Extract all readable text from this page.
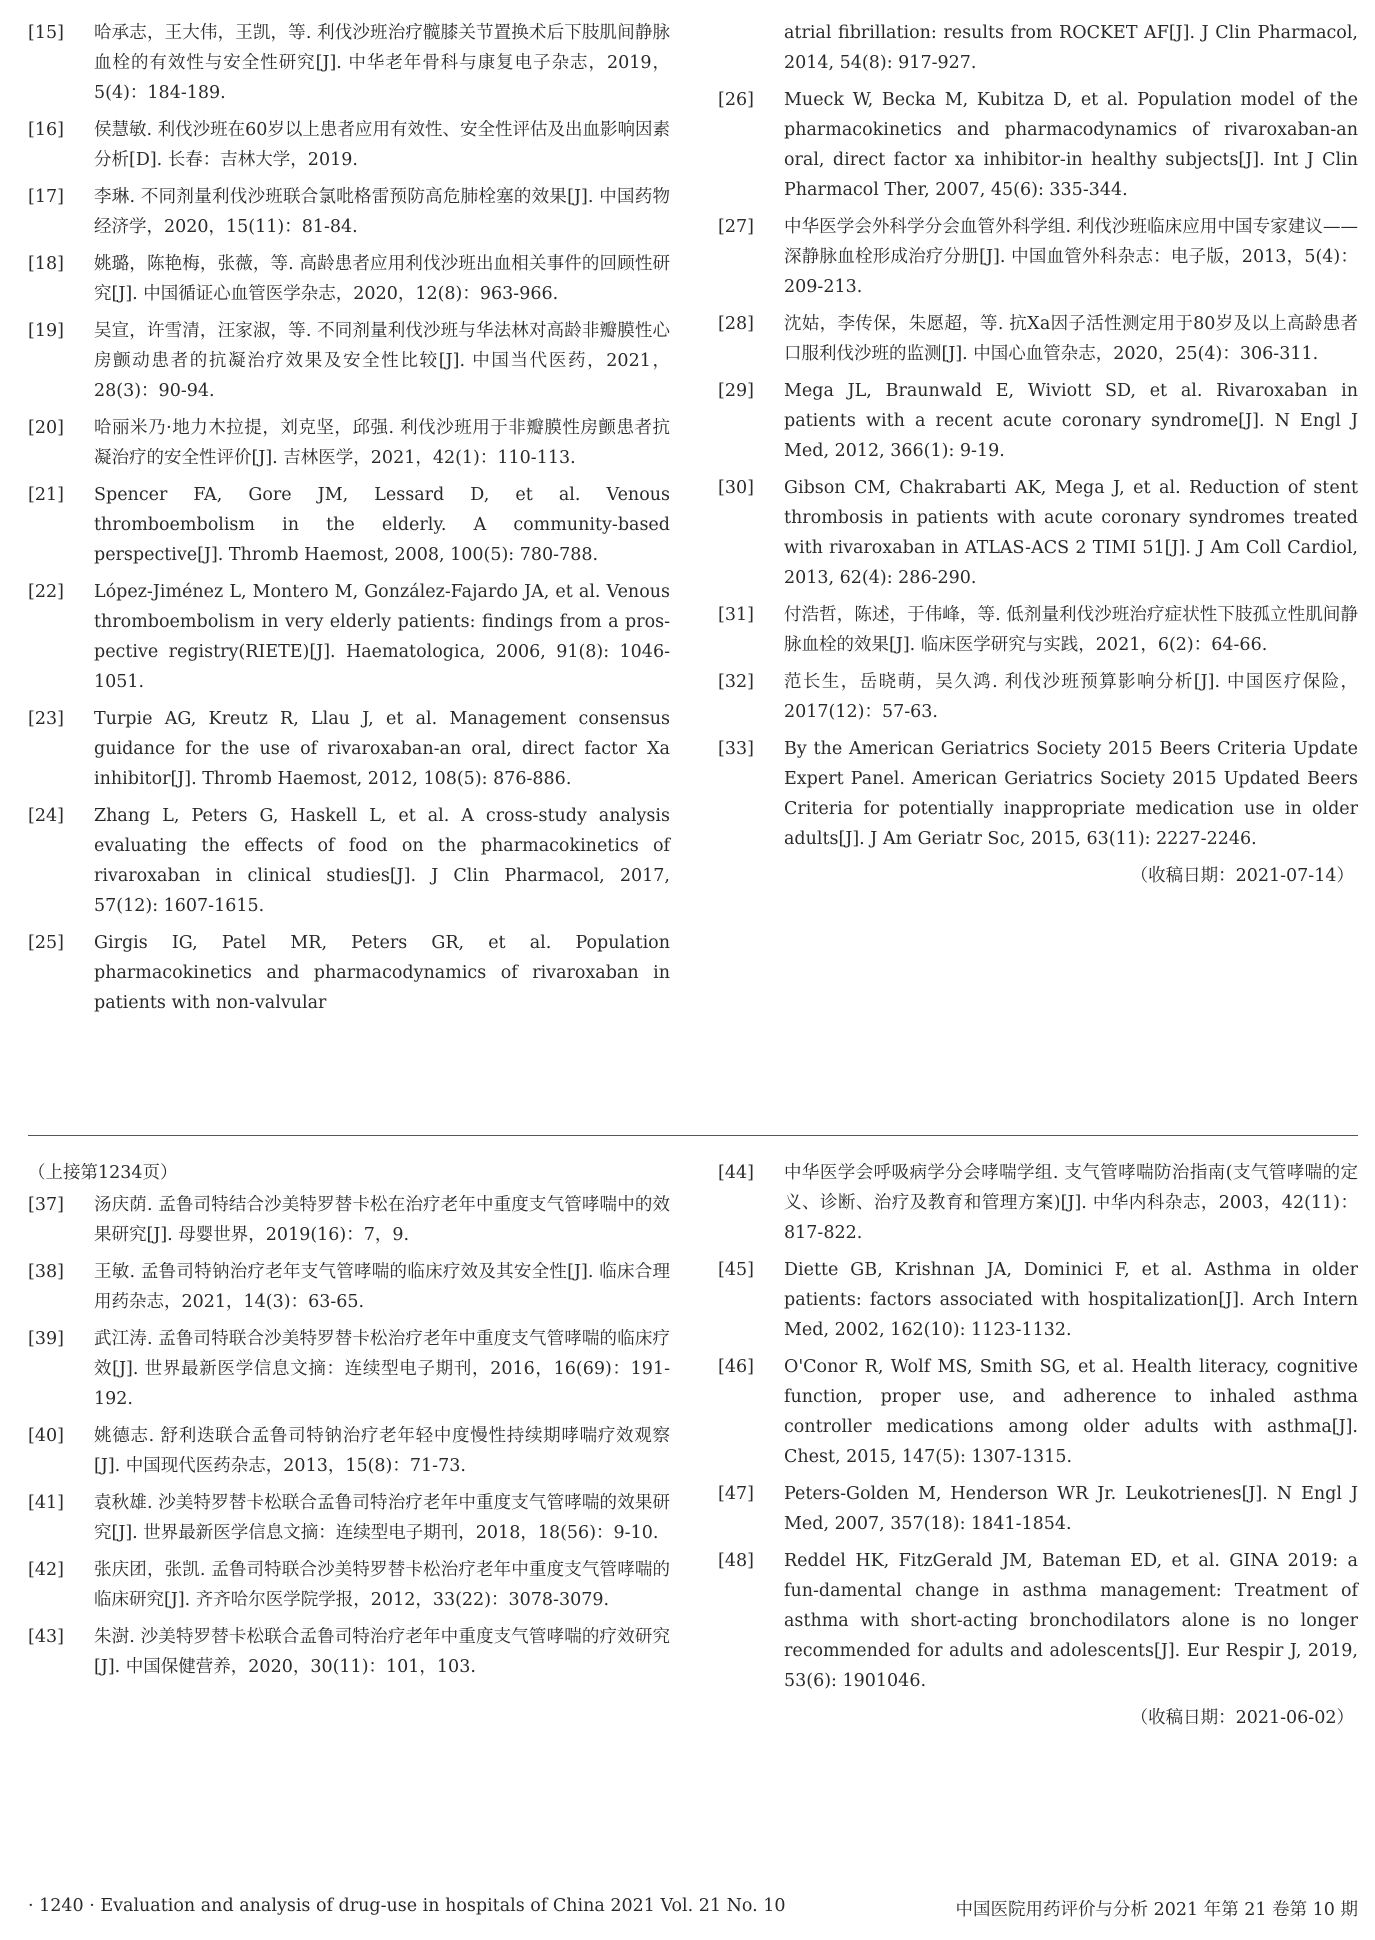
[15]	哈承志，王大伟，王凯，等. 利伐沙班治疗髋膝关节置换术后下肢肌间静脉血栓的有效性与安全性研究[J]. 中华老年骨科与康复电子杂志，2019，5(4)：184-189.
[16]	侯慧敏. 利伐沙班在60岁以上患者应用有效性、安全性评估及出血影响因素分析[D]. 长春：吉林大学，2019.
[17]	李琳. 不同剂量利伐沙班联合氯吡格雷预防高危肺栓塞的效果[J]. 中国药物经济学，2020，15(11)：81-84.
[18]	姚璐，陈艳梅，张薇，等. 高龄患者应用利伐沙班出血相关事件的回顾性研究[J]. 中国循证心血管医学杂志，2020，12(8)：963-966.
[19]	吴宣，许雪清，汪家淑，等. 不同剂量利伐沙班与华法林对高龄非瓣膜性心房颤动患者的抗凝治疗效果及安全性比较[J]. 中国当代医药，2021，28(3)：90-94.
[20]	哈丽米乃·地力木拉提，刘克坚，邱强. 利伐沙班用于非瓣膜性房颤患者抗凝治疗的安全性评价[J]. 吉林医学，2021，42(1)：110-113.
[21]	Spencer FA, Gore JM, Lessard D, et al. Venous thromboembolism in the elderly. A community-based perspective[J]. Thromb Haemost, 2008, 100(5): 780-788.
[22]	López-Jiménez L, Montero M, González-Fajardo JA, et al. Venous thromboembolism in very elderly patients: findings from a pros-pective registry(RIETE)[J]. Haematologica, 2006, 91(8): 1046-1051.
[23]	Turpie AG, Kreutz R, Llau J, et al. Management consensus guidance for the use of rivaroxaban-an oral, direct factor Xa inhibitor[J]. Thromb Haemost, 2012, 108(5): 876-886.
[24]	Zhang L, Peters G, Haskell L, et al. A cross-study analysis evaluating the effects of food on the pharmacokinetics of rivaroxaban in clinical studies[J]. J Clin Pharmacol, 2017, 57(12): 1607-1615.
[25]	Girgis IG, Patel MR, Peters GR, et al. Population pharmacokinetics and pharmacodynamics of rivaroxaban in patients with non-valvular
atrial fibrillation: results from ROCKET AF[J]. J Clin Pharmacol, 2014, 54(8): 917-927.
[26]	Mueck W, Becka M, Kubitza D, et al. Population model of the pharmacokinetics and pharmacodynamics of rivaroxaban-an oral, direct factor xa inhibitor-in healthy subjects[J]. Int J Clin Pharmacol Ther, 2007, 45(6): 335-344.
[27]	中华医学会外科学分会血管外科学组. 利伐沙班临床应用中国专家建议——深静脉血栓形成治疗分册[J]. 中国血管外科杂志：电子版，2013，5(4)：209-213.
[28]	沈姑，李传保，朱愿超，等. 抗Ⅹa因子活性测定用于80岁及以上高龄患者口服利伐沙班的监测[J]. 中国心血管杂志，2020，25(4)：306-311.
[29]	Mega JL, Braunwald E, Wiviott SD, et al. Rivaroxaban in patients with a recent acute coronary syndrome[J]. N Engl J Med, 2012, 366(1): 9-19.
[30]	Gibson CM, Chakrabarti AK, Mega J, et al. Reduction of stent thrombosis in patients with acute coronary syndromes treated with rivaroxaban in ATLAS-ACS 2 TIMI 51[J]. J Am Coll Cardiol, 2013, 62(4): 286-290.
[31]	付浩哲，陈述，于伟峰，等. 低剂量利伐沙班治疗症状性下肢孤立性肌间静脉血栓的效果[J]. 临床医学研究与实践，2021，6(2)：64-66.
[32]	范长生，岳晓萌，吴久鸿. 利伐沙班预算影响分析[J]. 中国医疗保险，2017(12)：57-63.
[33]	By the American Geriatrics Society 2015 Beers Criteria Update Expert Panel. American Geriatrics Society 2015 Updated Beers Criteria for potentially inappropriate medication use in older adults[J]. J Am Geriatr Soc, 2015, 63(11): 2227-2246.
（收稿日期：2021-07-14）
（上接第1234页）
[37]	汤庆荫. 孟鲁司特结合沙美特罗替卡松在治疗老年中重度支气管哮喘中的效果研究[J]. 母婴世界，2019(16)：7，9.
[38]	王敏. 孟鲁司特钠治疗老年支气管哮喘的临床疗效及其安全性[J]. 临床合理用药杂志，2021，14(3)：63-65.
[39]	武江涛. 孟鲁司特联合沙美特罗替卡松治疗老年中重度支气管哮喘的临床疗效[J]. 世界最新医学信息文摘：连续型电子期刊，2016，16(69)：191-192.
[40]	姚德志. 舒利迭联合孟鲁司特钠治疗老年轻中度慢性持续期哮喘疗效观察[J]. 中国现代医药杂志，2013，15(8)：71-73.
[41]	袁秋雄. 沙美特罗替卡松联合孟鲁司特治疗老年中重度支气管哮喘的效果研究[J]. 世界最新医学信息文摘：连续型电子期刊，2018，18(56)：9-10.
[42]	张庆团，张凯. 孟鲁司特联合沙美特罗替卡松治疗老年中重度支气管哮喘的临床研究[J]. 齐齐哈尔医学院学报，2012，33(22)：3078-3079.
[43]	朱澍. 沙美特罗替卡松联合孟鲁司特治疗老年中重度支气管哮喘的疗效研究[J]. 中国保健营养，2020，30(11)：101，103.
[44]	中华医学会呼吸病学分会哮喘学组. 支气管哮喘防治指南(支气管哮喘的定义、诊断、治疗及教育和管理方案)[J]. 中华内科杂志，2003，42(11)：817-822.
[45]	Diette GB, Krishnan JA, Dominici F, et al. Asthma in older patients: factors associated with hospitalization[J]. Arch Intern Med, 2002, 162(10): 1123-1132.
[46]	O'Conor R, Wolf MS, Smith SG, et al. Health literacy, cognitive function, proper use, and adherence to inhaled asthma controller medications among older adults with asthma[J]. Chest, 2015, 147(5): 1307-1315.
[47]	Peters-Golden M, Henderson WR Jr. Leukotrienes[J]. N Engl J Med, 2007, 357(18): 1841-1854.
[48]	Reddel HK, FitzGerald JM, Bateman ED, et al. GINA 2019: a fun-damental change in asthma management: Treatment of asthma with short-acting bronchodilators alone is no longer recommended for adults and adolescents[J]. Eur Respir J, 2019, 53(6): 1901046.
（收稿日期：2021-06-02）
· 1240 · Evaluation and analysis of drug-use in hospitals of China 2021 Vol. 21 No. 10	中国医院用药评价与分析 2021 年第 21 卷第 10 期
